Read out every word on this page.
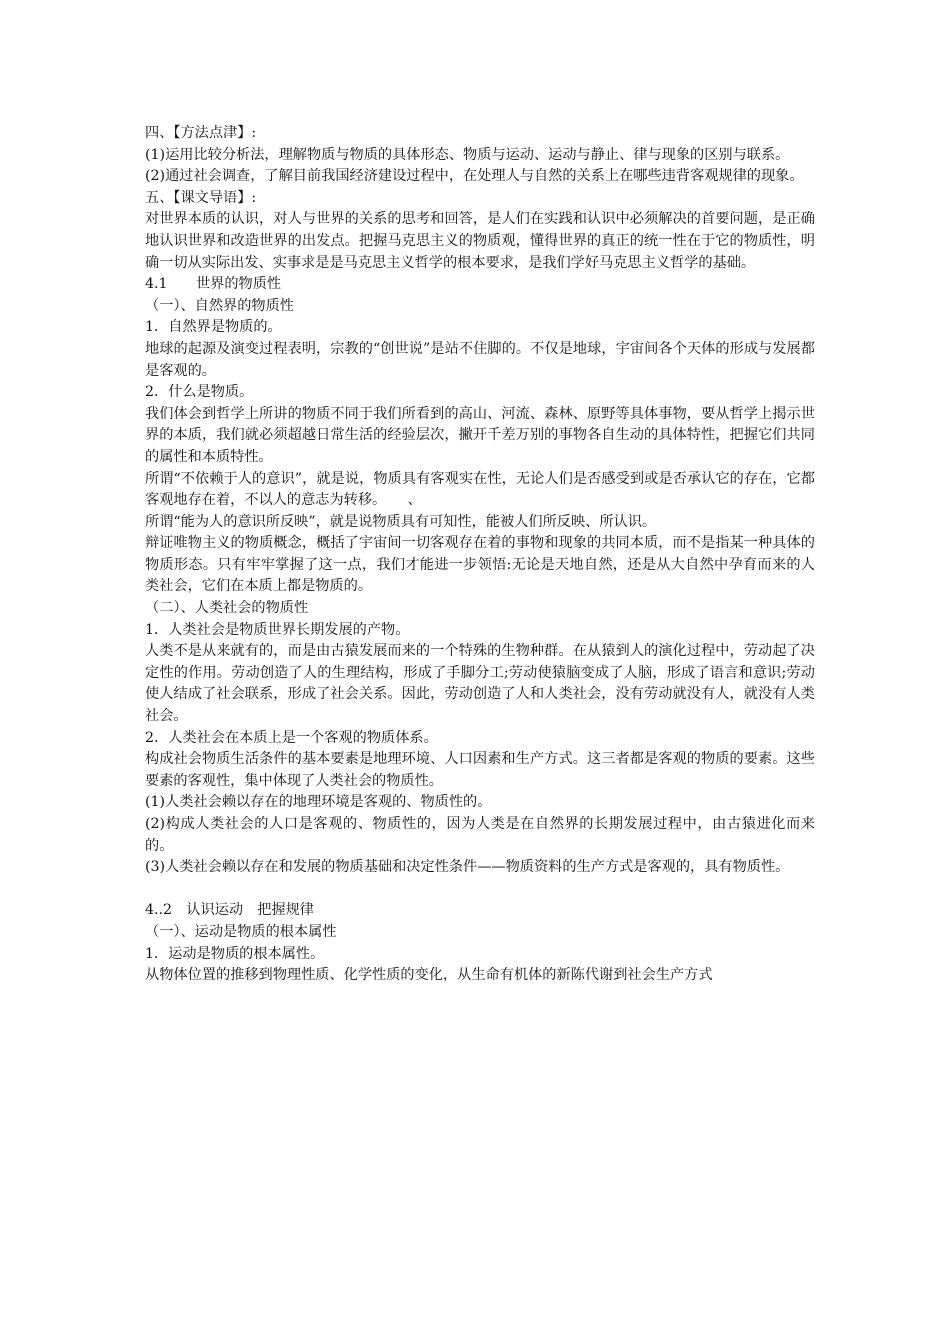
四、【方法点津】:

(1)运用比较分析法，理解物质与物质的具体形态、物质与运动、运动与静止、律与现象的区别与联系。

(2)通过社会调查，了解目前我国经济建设过程中，在处理人与自然的关系上在哪些违背客观规律的现象。

五、【课文导语】:

对世界本质的认识，对人与世界的关系的思考和回答，是人们在实践和认识中必须解决的首要问题，是正确地认识世界和改造世界的出发点。把握马克思主义的物质观，懂得世界的真正的统一性在于它的物质性，明确一切从实际出发、实事求是是马克思主义哲学的根本要求，是我们学好马克思主义哲学的基础。

4.1　　世界的物质性

（一）、自然界的物质性

1．自然界是物质的。

地球的起源及演变过程表明，宗教的“创世说”是站不住脚的。不仅是地球，宇宙间各个天体的形成与发展都是客观的。

2．什么是物质。

我们体会到哲学上所讲的物质不同于我们所看到的高山、河流、森林、原野等具体事物，要从哲学上揭示世界的本质，我们就必须超越日常生活的经验层次，撇开千差万别的事物各自生动的具体特性，把握它们共同的属性和本质特性。

所谓“不依赖于人的意识”，就是说，物质具有客观实在性，无论人们是否感受到或是否承认它的存在，它都客观地存在着，不以人的意志为转移。　　、

所谓“能为人的意识所反映”，就是说物质具有可知性，能被人们所反映、所认识。

辩证唯物主义的物质概念，概括了宇宙间一切客观存在着的事物和现象的共同本质，而不是指某一种具体的物质形态。只有牢牢掌握了这一点，我们才能进一步领悟:无论是天地自然，还是从大自然中孕育而来的人类社会，它们在本质上都是物质的。

（二）、人类社会的物质性

1．人类社会是物质世界长期发展的产物。

人类不是从来就有的，而是由古猿发展而来的一个特殊的生物种群。在从猿到人的演化过程中，劳动起了决定性的作用。劳动创造了人的生理结构，形成了手脚分工;劳动使猿脑变成了人脑，形成了语言和意识;劳动使人结成了社会联系，形成了社会关系。因此，劳动创造了人和人类社会，没有劳动就没有人，就没有人类社会。

2．人类社会在本质上是一个客观的物质体系。

构成社会物质生活条件的基本要素是地理环境、人口因素和生产方式。这三者都是客观的物质的要素。这些要素的客观性，集中体现了人类社会的物质性。

(1)人类社会赖以存在的地理环境是客观的、物质性的。

(2)构成人类社会的人口是客观的、物质性的，因为人类是在自然界的长期发展过程中，由古猿进化而来的。

(3)人类社会赖以存在和发展的物质基础和决定性条件——物质资料的生产方式是客观的，具有物质性。

4..2　认识运动　把握规律

（一）、运动是物质的根本属性

1．运动是物质的根本属性。

从物体位置的推移到物理性质、化学性质的变化，从生命有机体的新陈代谢到社会生产方式
